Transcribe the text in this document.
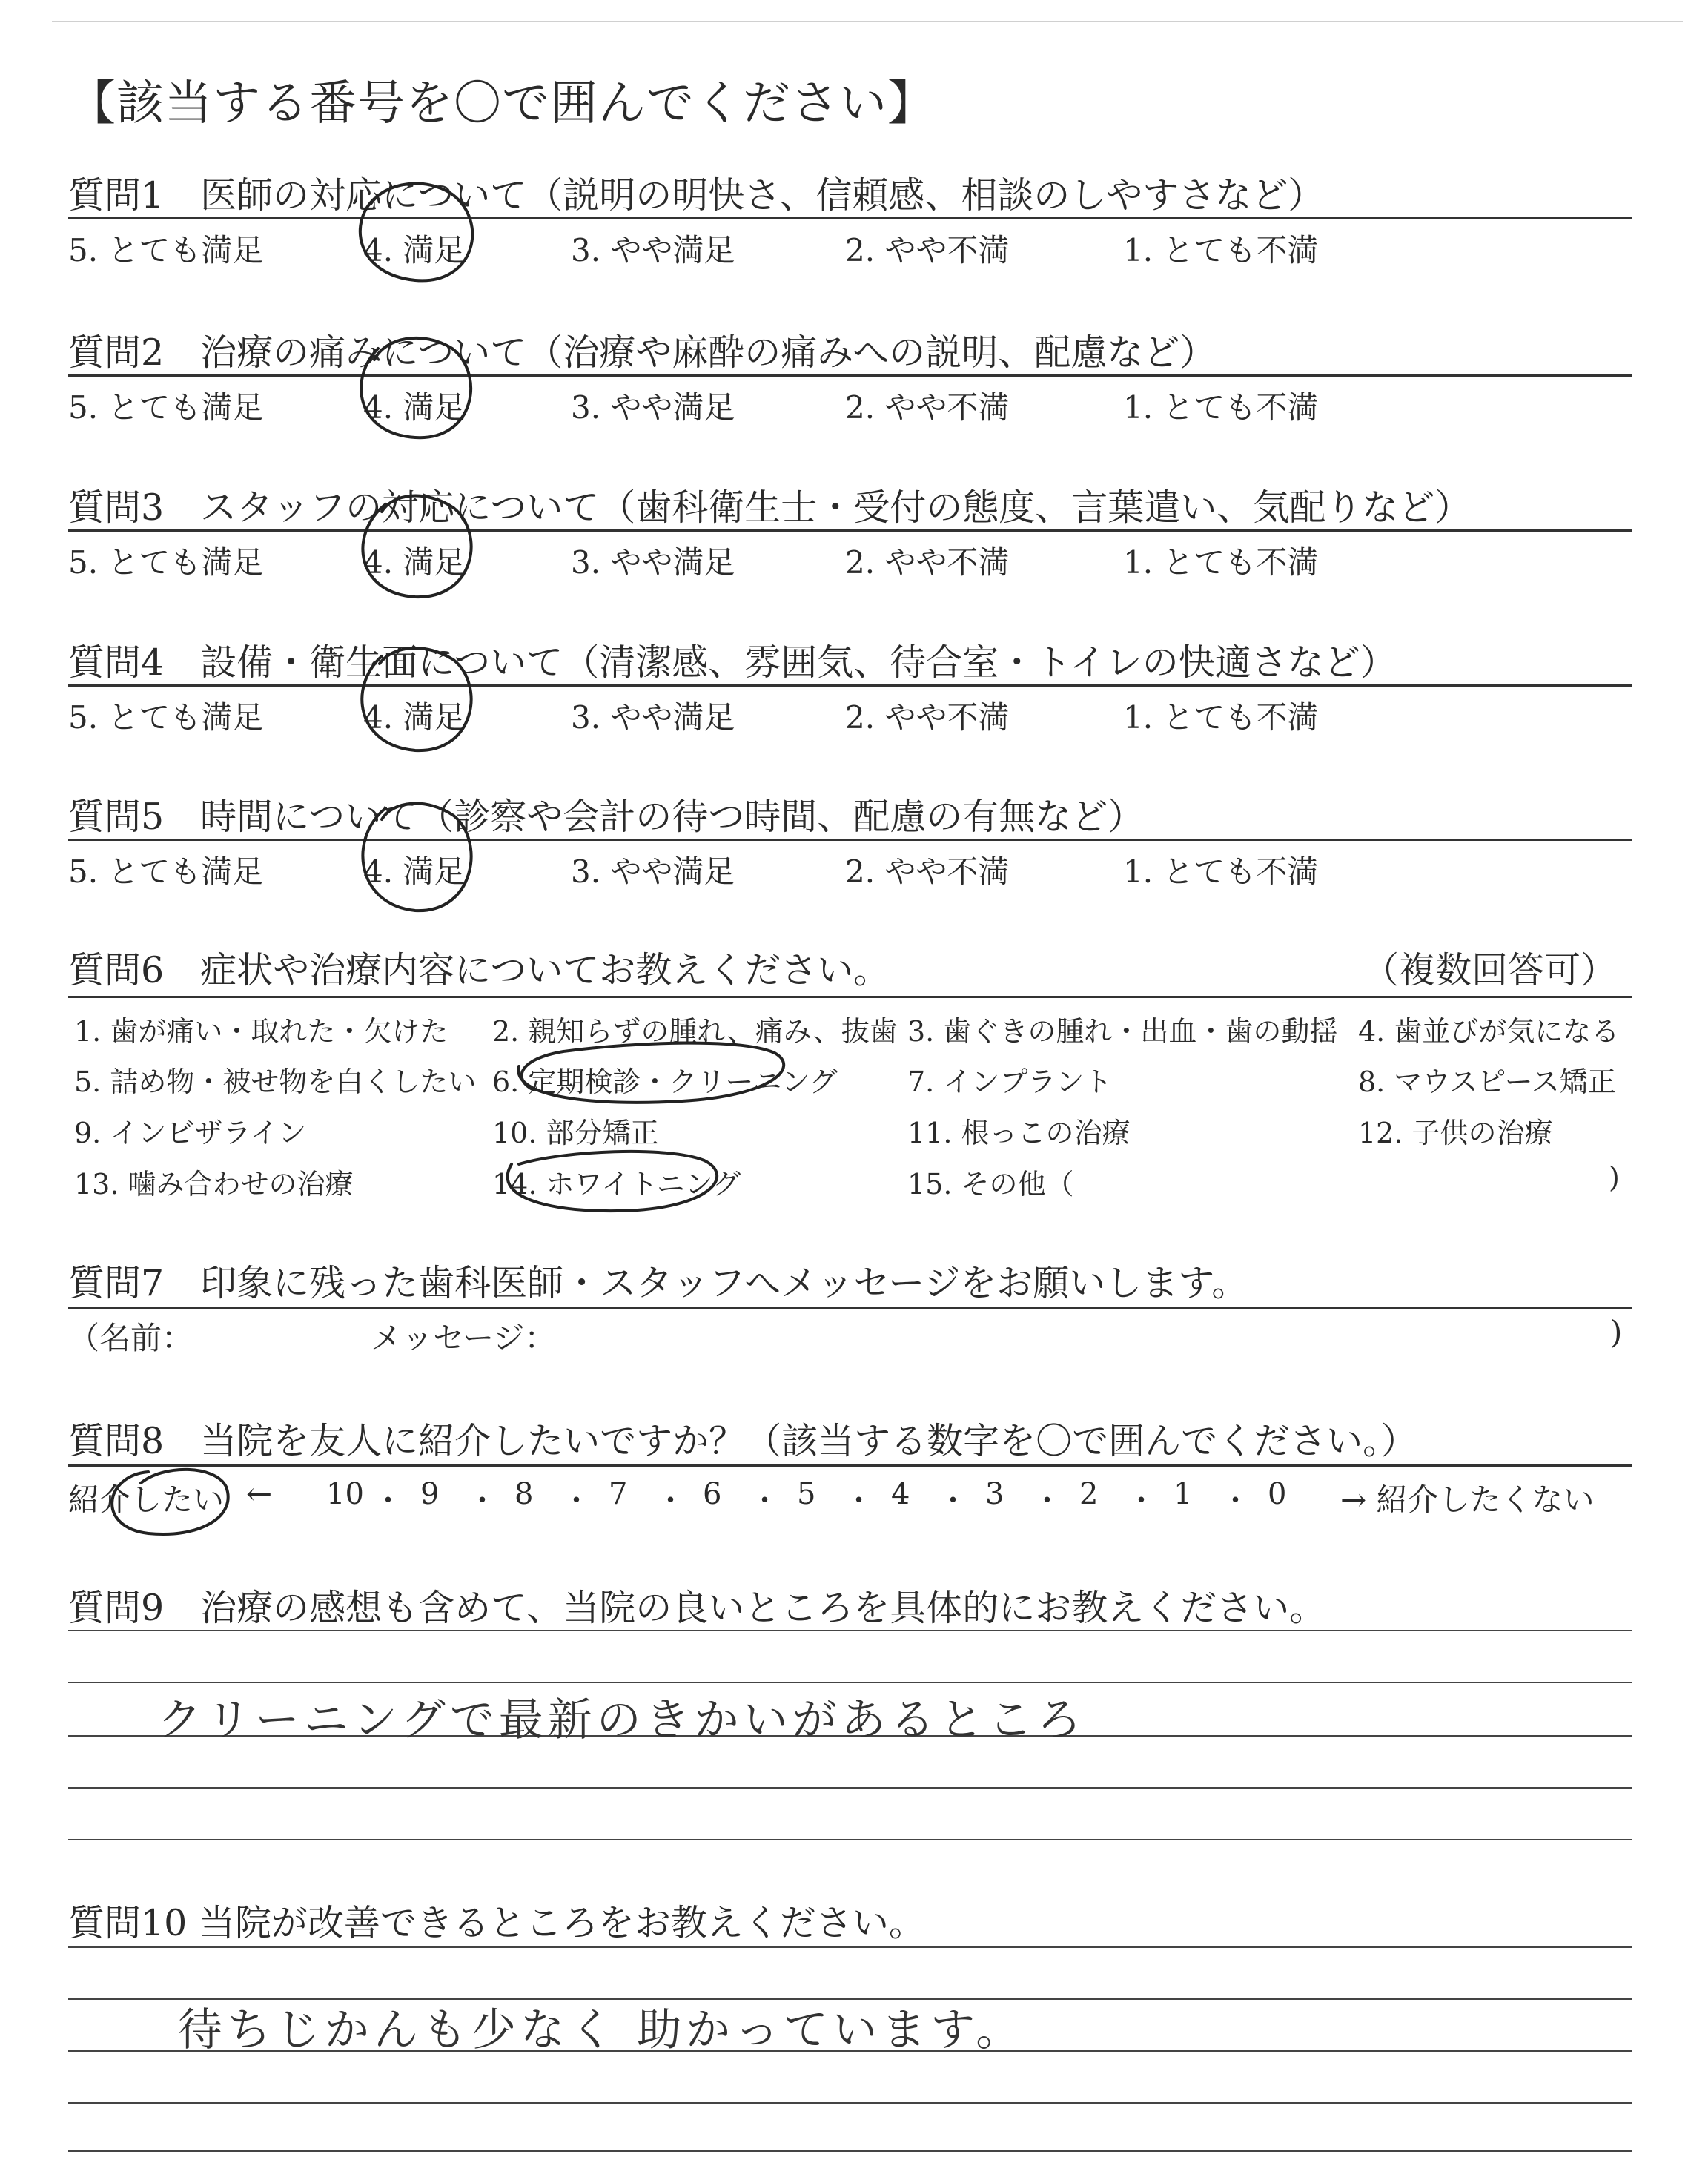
【該当する番号を〇で囲んでください】
質問1　医師の対応について（説明の明快さ、信頼感、相談のしやすさなど）
5. とても満足	4. 満足	3. やや満足	2. やや不満	1. とても不満
質問2　治療の痛みについて（治療や麻酔の痛みへの説明、配慮など）
5. とても満足	4. 満足	3. やや満足	2. やや不満	1. とても不満
質問3　スタッフの対応について（歯科衛生士・受付の態度、言葉遣い、気配りなど）
5. とても満足	4. 満足	3. やや満足	2. やや不満	1. とても不満
質問4　設備・衛生面について（清潔感、雰囲気、待合室・トイレの快適さなど）
5. とても満足	4. 満足	3. やや満足	2. やや不満	1. とても不満
質問5　時間について（診察や会計の待つ時間、配慮の有無など）
5. とても満足	4. 満足	3. やや満足	2. やや不満	1. とても不満
質問6　症状や治療内容についてお教えください。	（複数回答可）
1. 歯が痛い・取れた・欠けた 2. 親知らずの腫れ、痛み、抜歯 3. 歯ぐきの腫れ・出血・歯の動揺 4. 歯並びが気になる
5. 詰め物・被せ物を白くしたい 6. 定期検診・クリーニング 7. インプラント	8. マウスピース矯正
9. インビザライン	10. 部分矯正	11. 根っこの治療	12. 子供の治療
13. 噛み合わせの治療	14. ホワイトニング	15. その他（	)
質問7　印象に残った歯科医師・スタッフへメッセージをお願いします。
（名前：	メッセージ：	)
質問8　当院を友人に紹介したいですか？（該当する数字を〇で囲んでください。）
紹介したい ← 10 ・ 9 ・ 8 ・ 7 ・ 6 ・ 5 ・ 4 ・ 3 ・ 2 ・ 1 ・ 0 → 紹介したくない
質問9　治療の感想も含めて、当院の良いところを具体的にお教えください。
クリーニングで最新のきかいがあるところ
質問10 当院が改善できるところをお教えください。
待ちじかんも少なく 助かっています。
